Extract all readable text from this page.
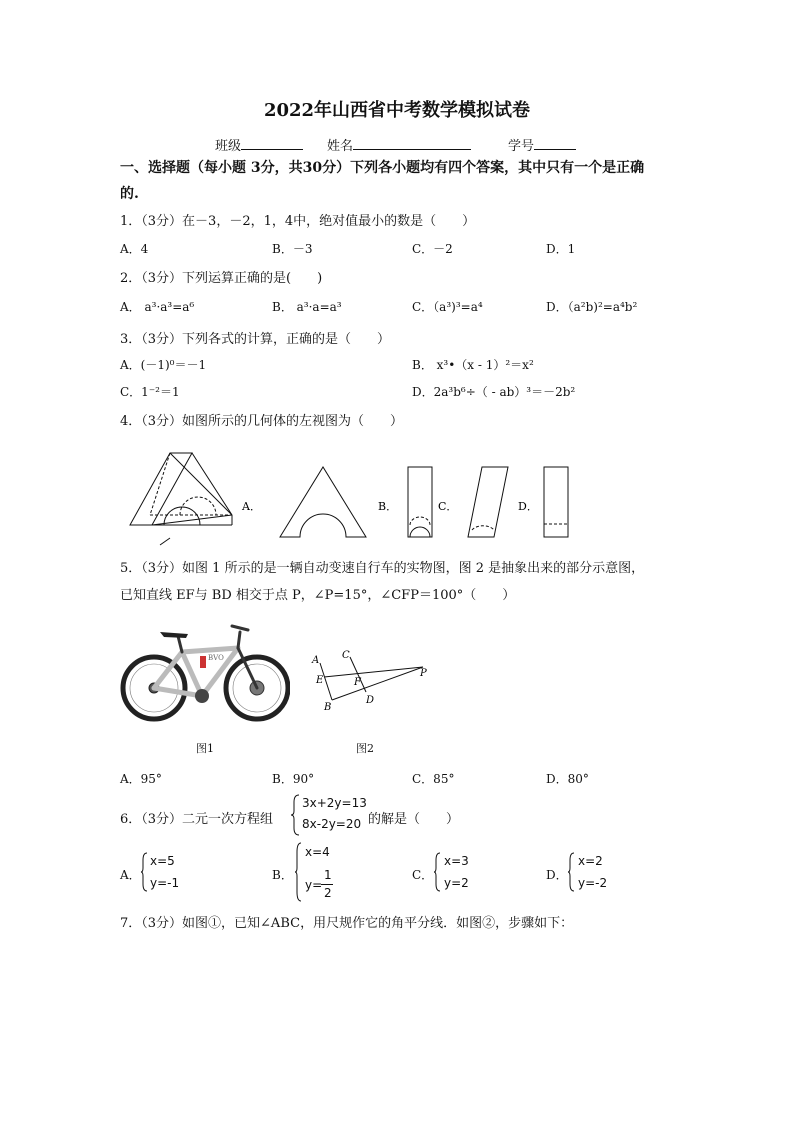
2022年山西省中考数学模拟试卷
班级	姓名	学号
一、选择题（每小题 3分，共30分）下列各小题均有四个答案，其中只有一个是正确
的.
1．（3分）在－3，－2，1，4中，绝对值最小的数是（　　）
A．4	B．－3	C．－2	D．1
2．（3分）下列运算正确的是(　　)
A． a³·a³=a⁶	B． a³·a=a³	C．（a³)³=a⁴	D．（a²b)²=a⁴b²
3．（3分）下列各式的计算，正确的是（　　）
A．(－1)⁰＝－1	B． x³•（x - 1）²＝x²
C．1⁻²＝1	D．2a³b⁶÷（ - ab）³＝－2b²
4．（3分）如图所示的几何体的左视图为（　　）
A．	B．	C．	D．
5．（3分）如图 1 所示的是一辆自动变速自行车的实物图，图 2 是抽象出来的部分示意图，
已知直线 EF与 BD 相交于点 P，∠P=15°，∠CFP＝100°（　　）
BVO
图1
A C
E	F
P
B
D
图2
A．95°	B．90°	C．85°	D．80°
6．（3分）二元一次方程组
3x+2y=13
8x-2y=20 的解是（　　）
A．
x=5
y=-1
B．
x=4
y=
1
2
C．
x=3
y=2
D．
x=2
y=-2
7．（3分）如图①，已知∠ABC，用尺规作它的角平分线．如图②，步骤如下：
